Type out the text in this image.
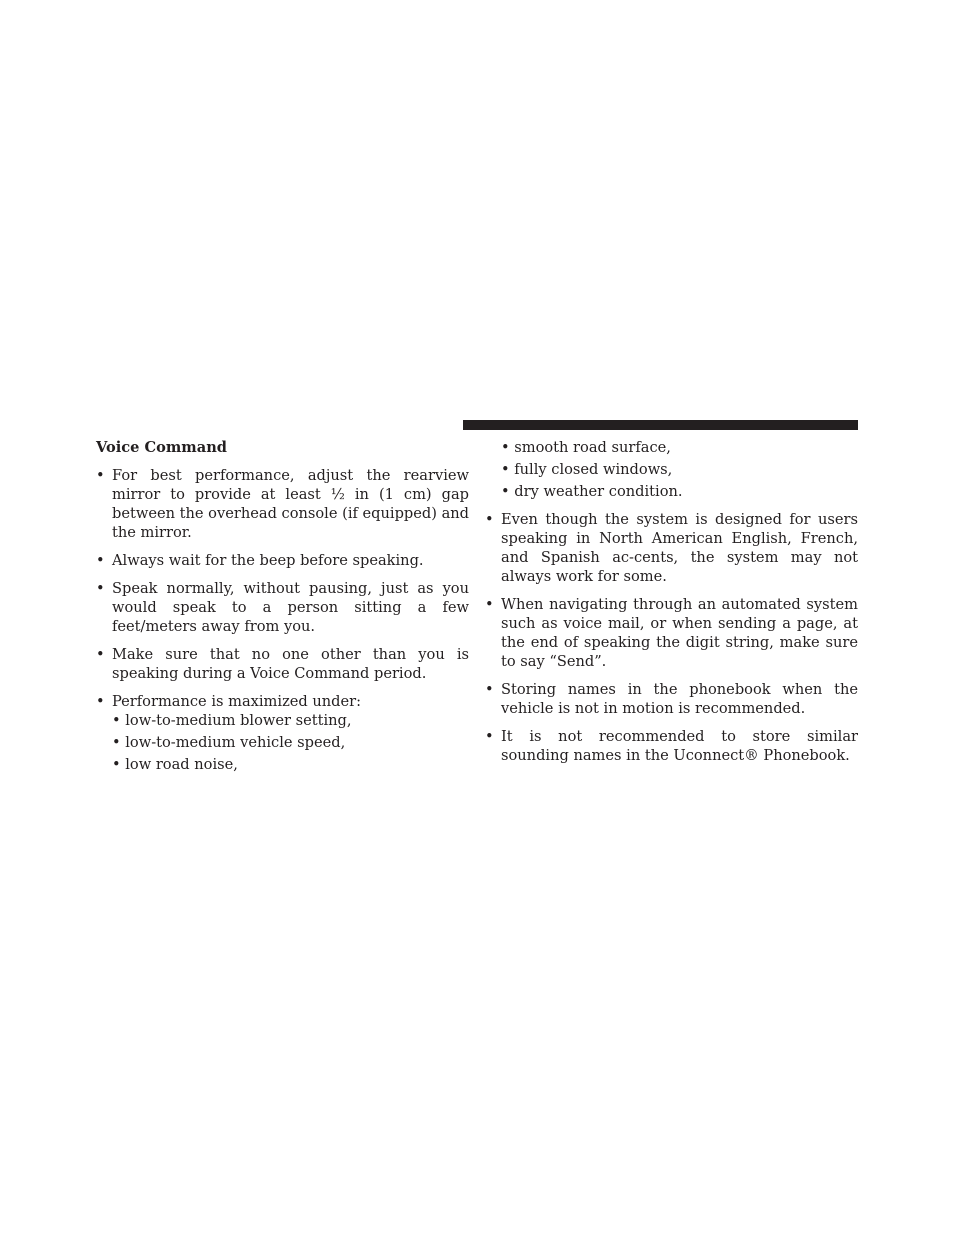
Voice Command
• For best performance, adjust the rearview mirror to provide at least ½ in (1 cm) gap between the overhead console (if equipped) and the mirror.
• Always wait for the beep before speaking.
• Speak normally, without pausing, just as you would speak to a person sitting a few feet/meters away from you.
• Make sure that no one other than you is speaking during a Voice Command period.
• Performance is maximized under:
• low-to-medium blower setting,
• low-to-medium vehicle speed,
• low road noise,
• smooth road surface,
• fully closed windows,
• dry weather condition.
• Even though the system is designed for users speaking in North American English, French, and Spanish ac-cents, the system may not always work for some.
• When navigating through an automated system such as voice mail, or when sending a page, at the end of speaking the digit string, make sure to say “Send”.
• Storing names in the phonebook when the vehicle is not in motion is recommended.
• It is not recommended to store similar sounding names in the Uconnect® Phonebook.
